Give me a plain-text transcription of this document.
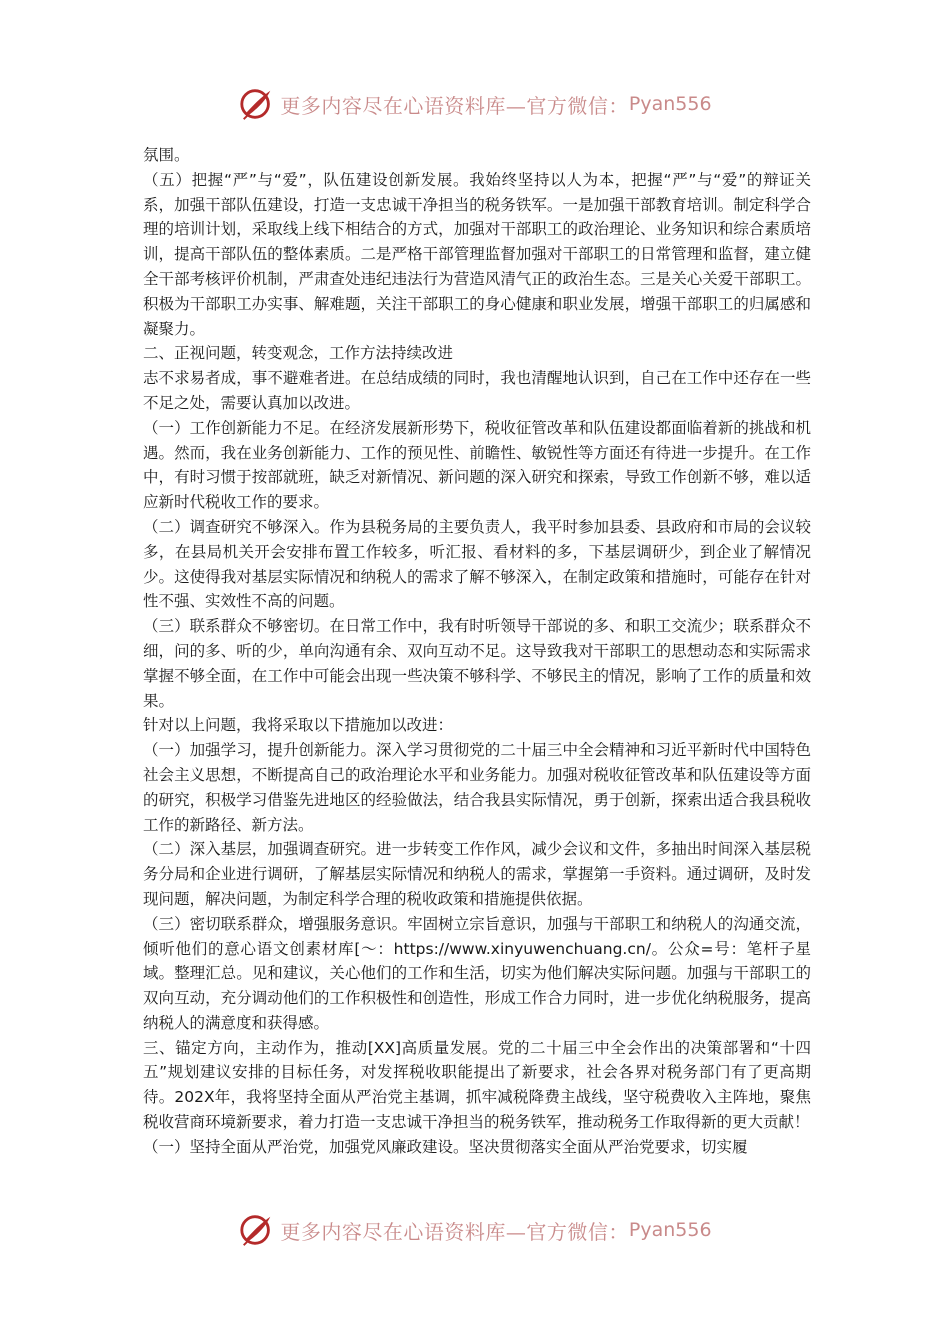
更多内容尽在心语资料库—官方微信： Pyan556

氛围。

（五）把握“严”与“爱”，队伍建设创新发展。我始终坚持以人为本，把握“严”与“爱”的辩证关系，加强干部队伍建设，打造一支忠诚干净担当的税务铁军。一是加强干部教育培训。制定科学合理的培训计划，采取线上线下相结合的方式，加强对干部职工的政治理论、业务知识和综合素质培训，提高干部队伍的整体素质。二是严格干部管理监督加强对干部职工的日常管理和监督，建立健全干部考核评价机制，严肃查处违纪违法行为营造风清气正的政治生态。三是关心关爱干部职工。积极为干部职工办实事、解难题，关注干部职工的身心健康和职业发展，增强干部职工的归属感和凝聚力。

二、正视问题，转变观念，工作方法持续改进

志不求易者成，事不避难者进。在总结成绩的同时，我也清醒地认识到，自己在工作中还存在一些不足之处，需要认真加以改进。

（一）工作创新能力不足。在经济发展新形势下，税收征管改革和队伍建设都面临着新的挑战和机遇。然而，我在业务创新能力、工作的预见性、前瞻性、敏锐性等方面还有待进一步提升。在工作中，有时习惯于按部就班，缺乏对新情况、新问题的深入研究和探索，导致工作创新不够，难以适应新时代税收工作的要求。

（二）调查研究不够深入。作为县税务局的主要负责人，我平时参加县委、县政府和市局的会议较多，在县局机关开会安排布置工作较多，听汇报、看材料的多，下基层调研少，到企业了解情况少。这使得我对基层实际情况和纳税人的需求了解不够深入，在制定政策和措施时，可能存在针对性不强、实效性不高的问题。

（三）联系群众不够密切。在日常工作中，我有时听领导干部说的多、和职工交流少；联系群众不细，问的多、听的少，单向沟通有余、双向互动不足。这导致我对干部职工的思想动态和实际需求掌握不够全面，在工作中可能会出现一些决策不够科学、不够民主的情况，影响了工作的质量和效果。

针对以上问题，我将采取以下措施加以改进：

（一）加强学习，提升创新能力。深入学习贯彻党的二十届三中全会精神和习近平新时代中国特色社会主义思想，不断提高自己的政治理论水平和业务能力。加强对税收征管改革和队伍建设等方面的研究，积极学习借鉴先进地区的经验做法，结合我县实际情况，勇于创新，探索出适合我县税收工作的新路径、新方法。

（二）深入基层，加强调查研究。进一步转变工作作风，减少会议和文件，多抽出时间深入基层税务分局和企业进行调研，了解基层实际情况和纳税人的需求，掌握第一手资料。通过调研，及时发现问题，解决问题，为制定科学合理的税收政策和措施提供依据。

（三）密切联系群众，增强服务意识。牢固树立宗旨意识，加强与干部职工和纳税人的沟通交流，倾听他们的意心语文创素材库[～：https://www.xinyuwenchuang.cn/。公众=号：笔杆子星域。整理汇总。见和建议，关心他们的工作和生活，切实为他们解决实际问题。加强与干部职工的双向互动，充分调动他们的工作积极性和创造性，形成工作合力同时，进一步优化纳税服务，提高纳税人的满意度和获得感。

三、锚定方向，主动作为，推动[XX]高质量发展。党的二十届三中全会作出的决策部署和“十四五”规划建议安排的目标任务，对发挥税收职能提出了新要求，社会各界对税务部门有了更高期待。202X年，我将坚持全面从严治党主基调，抓牢减税降费主战线，坚守税费收入主阵地，聚焦税收营商环境新要求，着力打造一支忠诚干净担当的税务铁军，推动税务工作取得新的更大贡献！

（一）坚持全面从严治党，加强党风廉政建设。坚决贯彻落实全面从严治党要求，切实履

更多内容尽在心语资料库—官方微信： Pyan556
